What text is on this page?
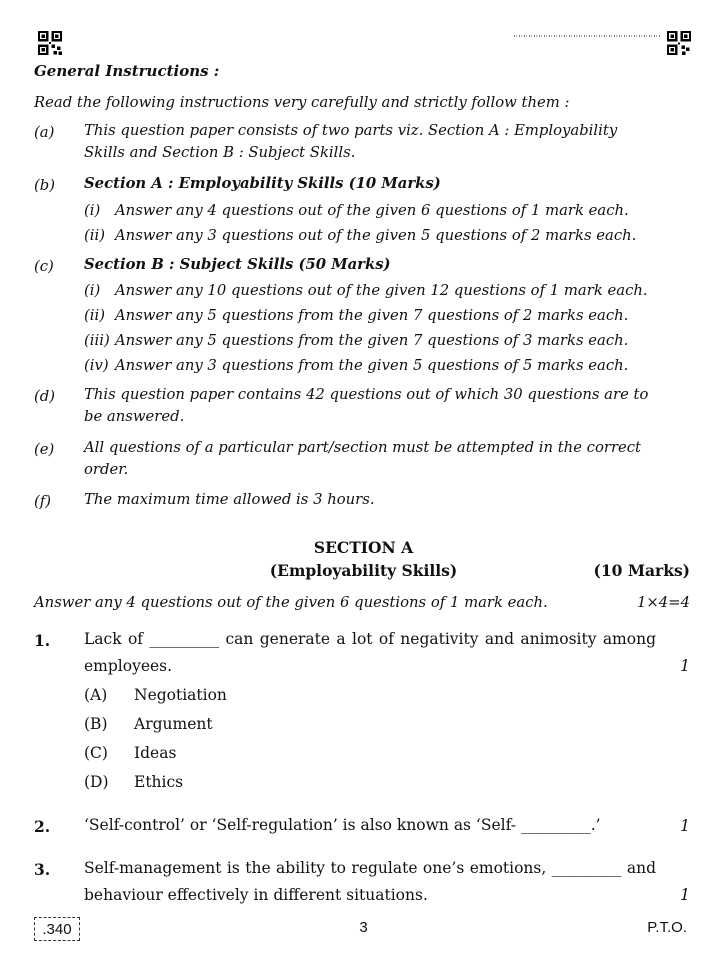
General Instructions :
Read the following instructions very carefully and strictly follow them :
(a) This question paper consists of two parts viz. Section A : Employability
Skills and Section B : Subject Skills.
(b) Section A : Employability Skills (10 Marks)
(i) Answer any 4 questions out of the given 6 questions of 1 mark each.
(ii) Answer any 3 questions out of the given 5 questions of 2 marks each.
(c) Section B : Subject Skills (50 Marks)
(i) Answer any 10 questions out of the given 12 questions of 1 mark each.
(ii) Answer any 5 questions from the given 7 questions of 2 marks each.
(iii) Answer any 5 questions from the given 7 questions of 3 marks each.
(iv) Answer any 3 questions from the given 5 questions of 5 marks each.
(d) This question paper contains 42 questions out of which 30 questions are to
be answered.
(e) All questions of a particular part/section must be attempted in the correct
order.
(f) The maximum time allowed is 3 hours.
SECTION A
(Employability Skills)	(10 Marks)
Answer any 4 questions out of the given 6 questions of 1 mark each.	1×4=4
1. Lack of _________ can generate a lot of negativity and animosity among employees.	1
(A) Negotiation
(B) Argument
(C) Ideas
(D) Ethics
2. ‘Self-control’ or ‘Self-regulation’ is also known as ‘Self- _________.’	1
3. Self-management is the ability to regulate one’s emotions, _________ and behaviour effectively in different situations.	1
.340	3	P.T.O.
